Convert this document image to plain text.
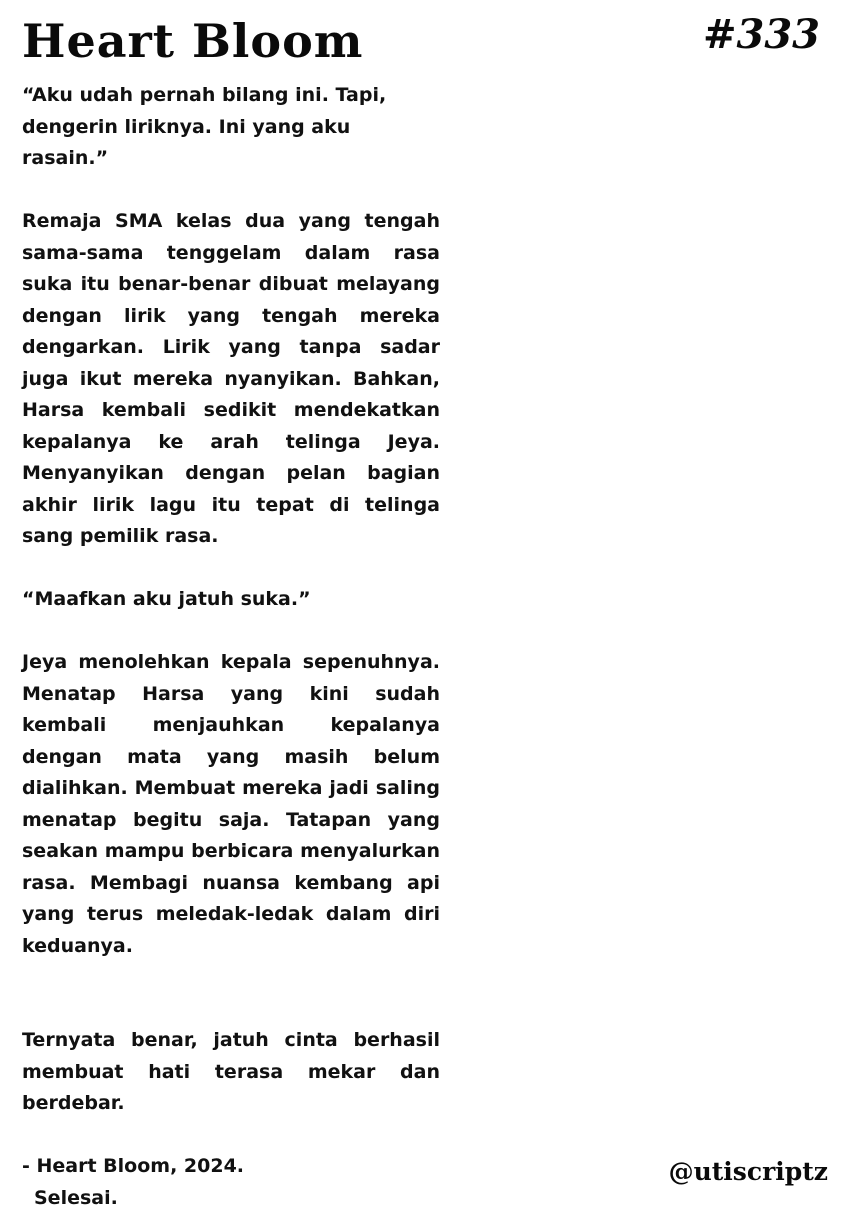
Heart Bloom	#333

“Aku udah pernah bilang ini. Tapi, dengerin liriknya. Ini yang aku rasain.”

Remaja SMA kelas dua yang tengah sama-sama tenggelam dalam rasa suka itu benar-benar dibuat melayang dengan lirik yang tengah mereka dengarkan. Lirik yang tanpa sadar juga ikut mereka nyanyikan. Bahkan, Harsa kembali sedikit mendekatkan kepalanya ke arah telinga Jeya. Menyanyikan dengan pelan bagian akhir lirik lagu itu tepat di telinga sang pemilik rasa.

“Maafkan aku jatuh suka.”

Jeya menolehkan kepala sepenuhnya. Menatap Harsa yang kini sudah kembali menjauhkan kepalanya dengan mata yang masih belum dialihkan. Membuat mereka jadi saling menatap begitu saja. Tatapan yang seakan mampu berbicara menyalurkan rasa. Membagi nuansa kembang api yang terus meledak-ledak dalam diri keduanya.

Ternyata benar, jatuh cinta berhasil membuat hati terasa mekar dan berdebar.

- Heart Bloom, 2024.

Selesai.

@utiscriptz
